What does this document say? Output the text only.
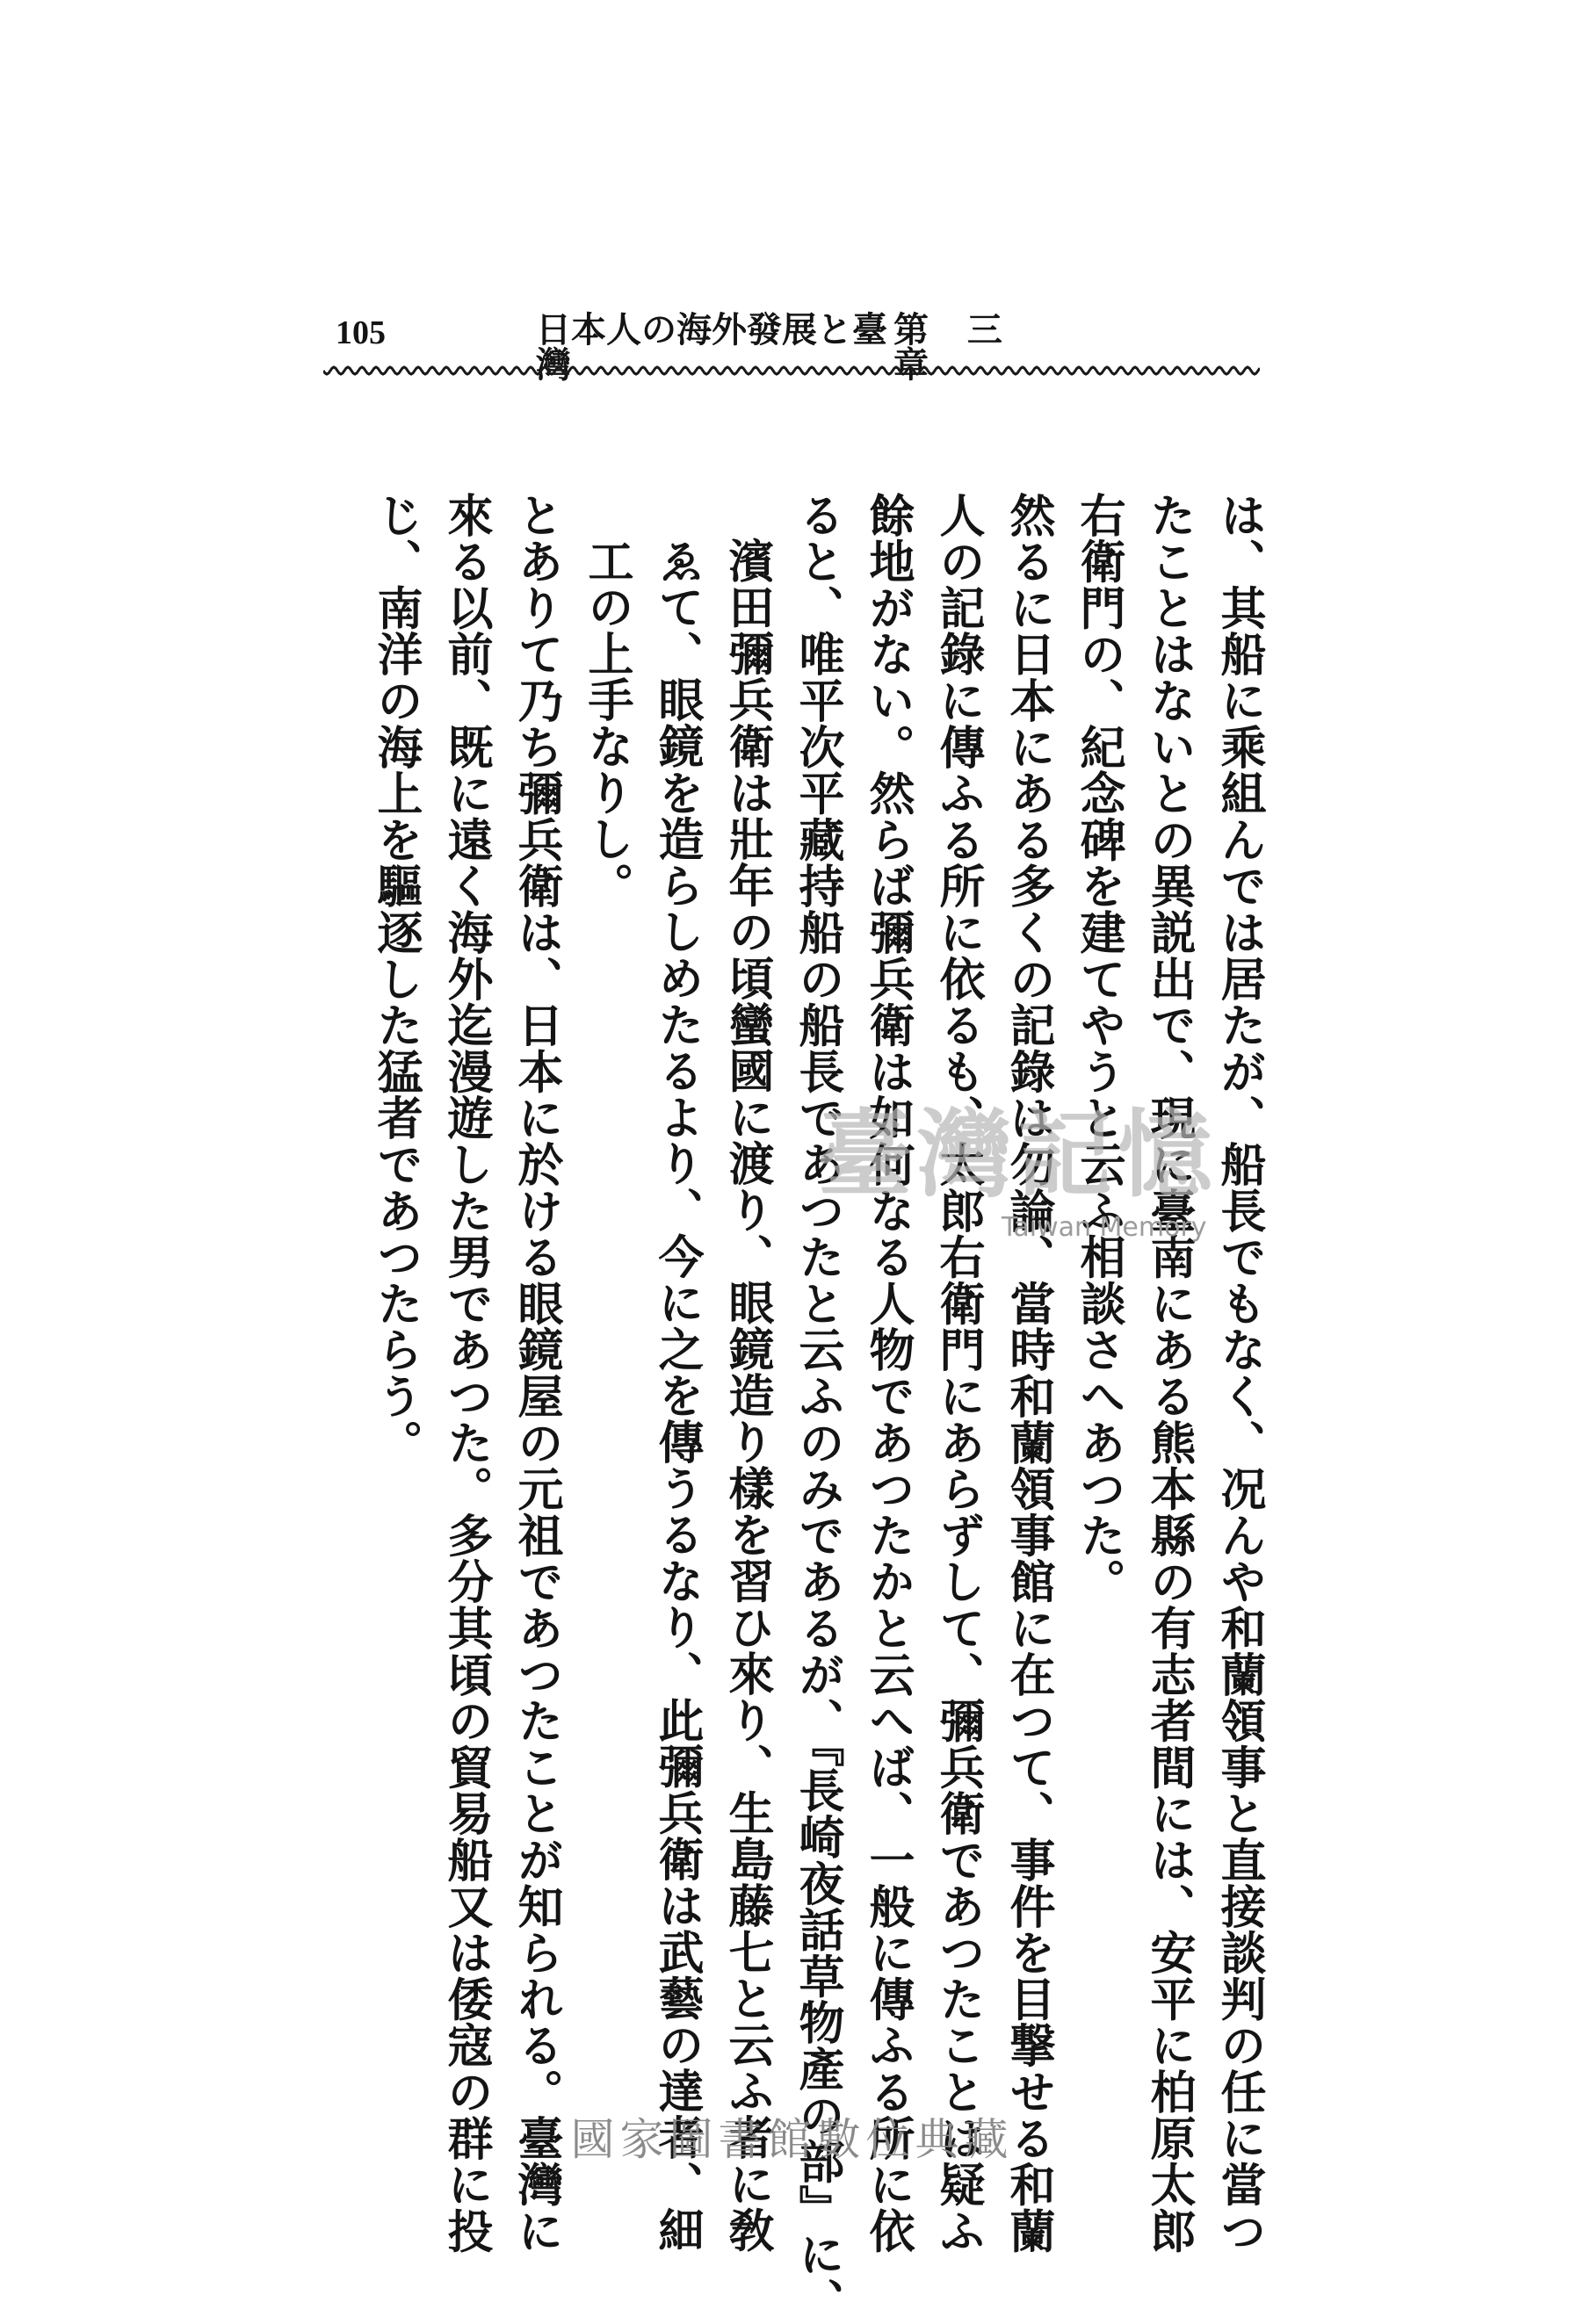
105	日本人の海外發展と臺灣
第三章
は、其船に乘組んでは居たが、船長でもなく、况んや和蘭領事と直接談判の任に當つ
たことはないとの異説出で、現に臺南にある熊本縣の有志者間には、安平に柏原太郎
右衛門の、紀念碑を建てやうと云ふ相談さへあつた。
然るに日本にある多くの記錄は勿論、當時和蘭領事館に在つて、事件を目撃せる和蘭
人の記錄に傳ふる所に依るも、太郎右衛門にあらずして、彌兵衛であつたことは疑ふ
餘地がない。然らば彌兵衛は如何なる人物であつたかと云へば、一般に傳ふる所に依
ると、唯平次平藏持船の船長であつたと云ふのみであるが、『長崎夜話草物產の部』に、
濱田彌兵衛は壯年の頃蠻國に渡り、眼鏡造り樣を習ひ來り、生島藤七と云ふ者に敎
ゑて、眼鏡を造らしめたるより、今に之を傳うるなり、此彌兵衛は武藝の達者、細
工の上手なりし。
とありて乃ち彌兵衛は、日本に於ける眼鏡屋の元祖であつたことが知られる。臺灣に
來る以前、既に遠く海外迄漫遊した男であつた。多分其頃の貿易船又は倭寇の群に投
じ、南洋の海上を驅逐した猛者であつたらう。	臺灣記憶
Taiwan Memory
國家圖書館數位典藏
